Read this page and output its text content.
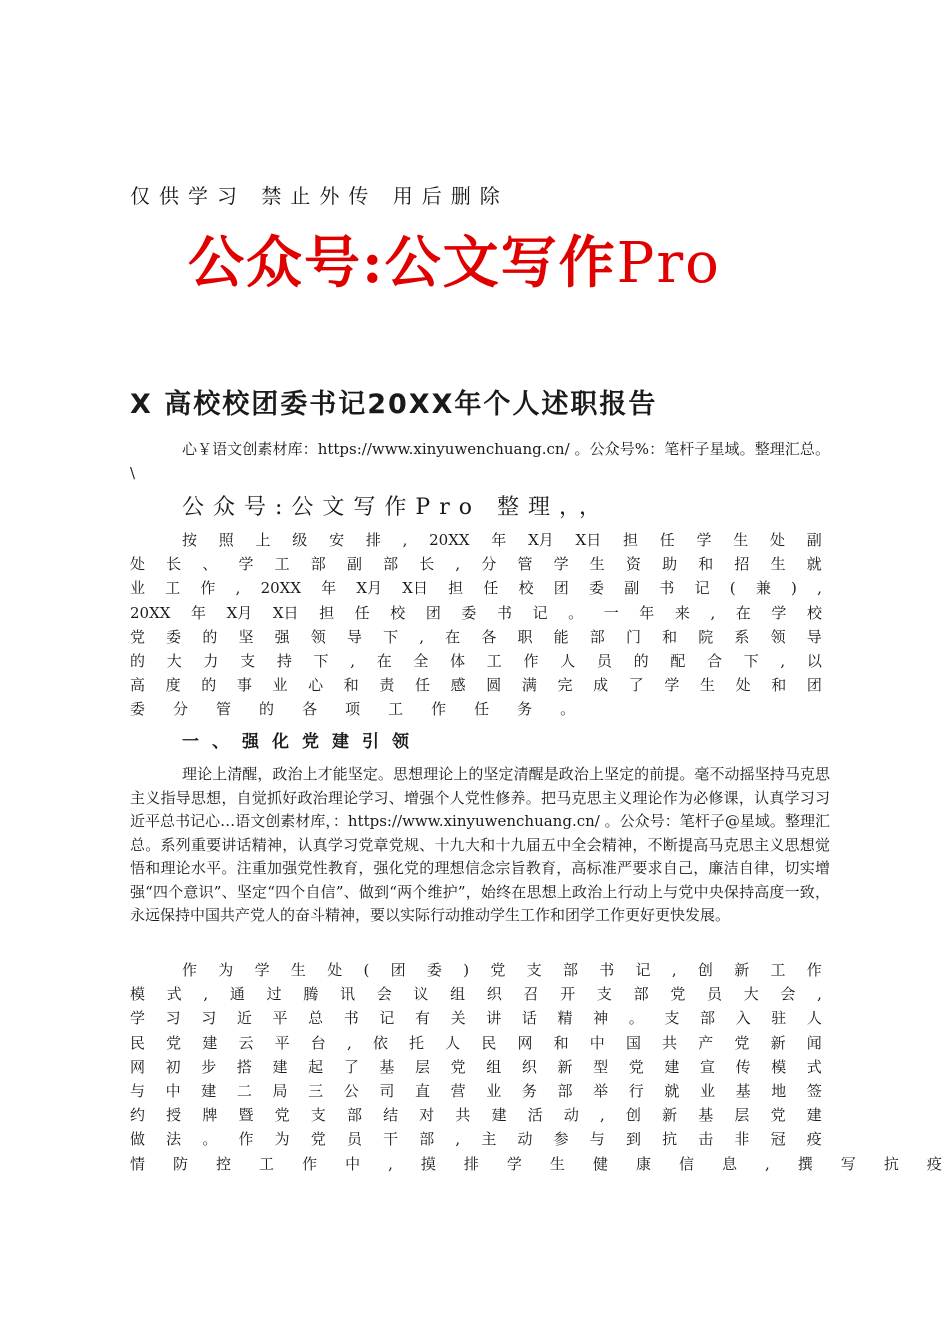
仅供学习 禁止外传 用后删除
公众号:公文写作Pro
X 高校校团委书记20XX年个人述职报告

心￥语文创素材库：https://www.xinyuwenchuang.cn/ 。公众号%：笔杆子星域。整理汇总。\

公众号:公文写作Pro 整理，，
按 照 上 级 安 排 , 20XX 年 X月 X日 担 任 学 生 处 副
处 长 、 学 工 部 副 部 长 , 分 管 学 生 资 助 和 招 生 就
业 工 作 , 20XX 年 X月 X日 担 任 校 团 委 副 书 记 ( 兼 ) ,
20XX 年 X月 X日 担 任 校 团 委 书 记 。 一 年 来 , 在 学 校
党 委 的 坚 强 领 导 下 , 在 各 职 能 部 门 和 院 系 领 导
的 大 力 支 持 下 , 在 全 体 工 作 人 员 的 配 合 下 , 以
高 度 的 事 业 心 和 责 任 感 圆 满 完 成 了 学 生 处 和 团
委 分 管 的 各 项 工 作 任 务 。
一、强化党建引领

理论上清醒，政治上才能坚定。思想理论上的坚定清醒是政治上坚定的前提。毫不动摇坚持马克思主义指导思想，自觉抓好政治理论学习、增强个人党性修养。把马克思主义理论作为必修课，认真学习习近平总书记心…语文创素材库，：https://www.xinyuwenchuang.cn/ 。公众号：笔杆子@星域。整理汇总。系列重要讲话精神，认真学习党章党规、十九大和十九届五中全会精神，不断提高马克思主义思想觉悟和理论水平。注重加强党性教育，强化党的理想信念宗旨教育，高标准严要求自己，廉洁自律，切实增强“四个意识”、坚定“四个自信”、做到“两个维护”，始终在思想上政治上行动上与党中央保持高度一致，永远保持中国共产党人的奋斗精神，要以实际行动推动学生工作和团学工作更好更快发展。

作 为 学 生 处 ( 团 委 ) 党 支 部 书 记 , 创 新 工 作
模 式 , 通 过 腾 讯 会 议 组 织 召 开 支 部 党 员 大 会 ,
学 习 习 近 平 总 书 记 有 关 讲 话 精 神 。 支 部 入 驻 人
民 党 建 云 平 台 , 依 托 人 民 网 和 中 国 共 产 党 新 闻
网 初 步 搭 建 起 了 基 层 党 组 织 新 型 党 建 宣 传 模 式
与 中 建 二 局 三 公 司 直 营 业 务 部 举 行 就 业 基 地 签
约 授 牌 暨 党 支 部 结 对 共 建 活 动 , 创 新 基 层 党 建
做 法 。 作 为 党 员 干 部 , 主 动 参 与 到 抗 击 非 冠 疫
情 防 控 工 作 中 , 摸 排 学 生 健 康 信 息 , 撰 写 抗 疫
